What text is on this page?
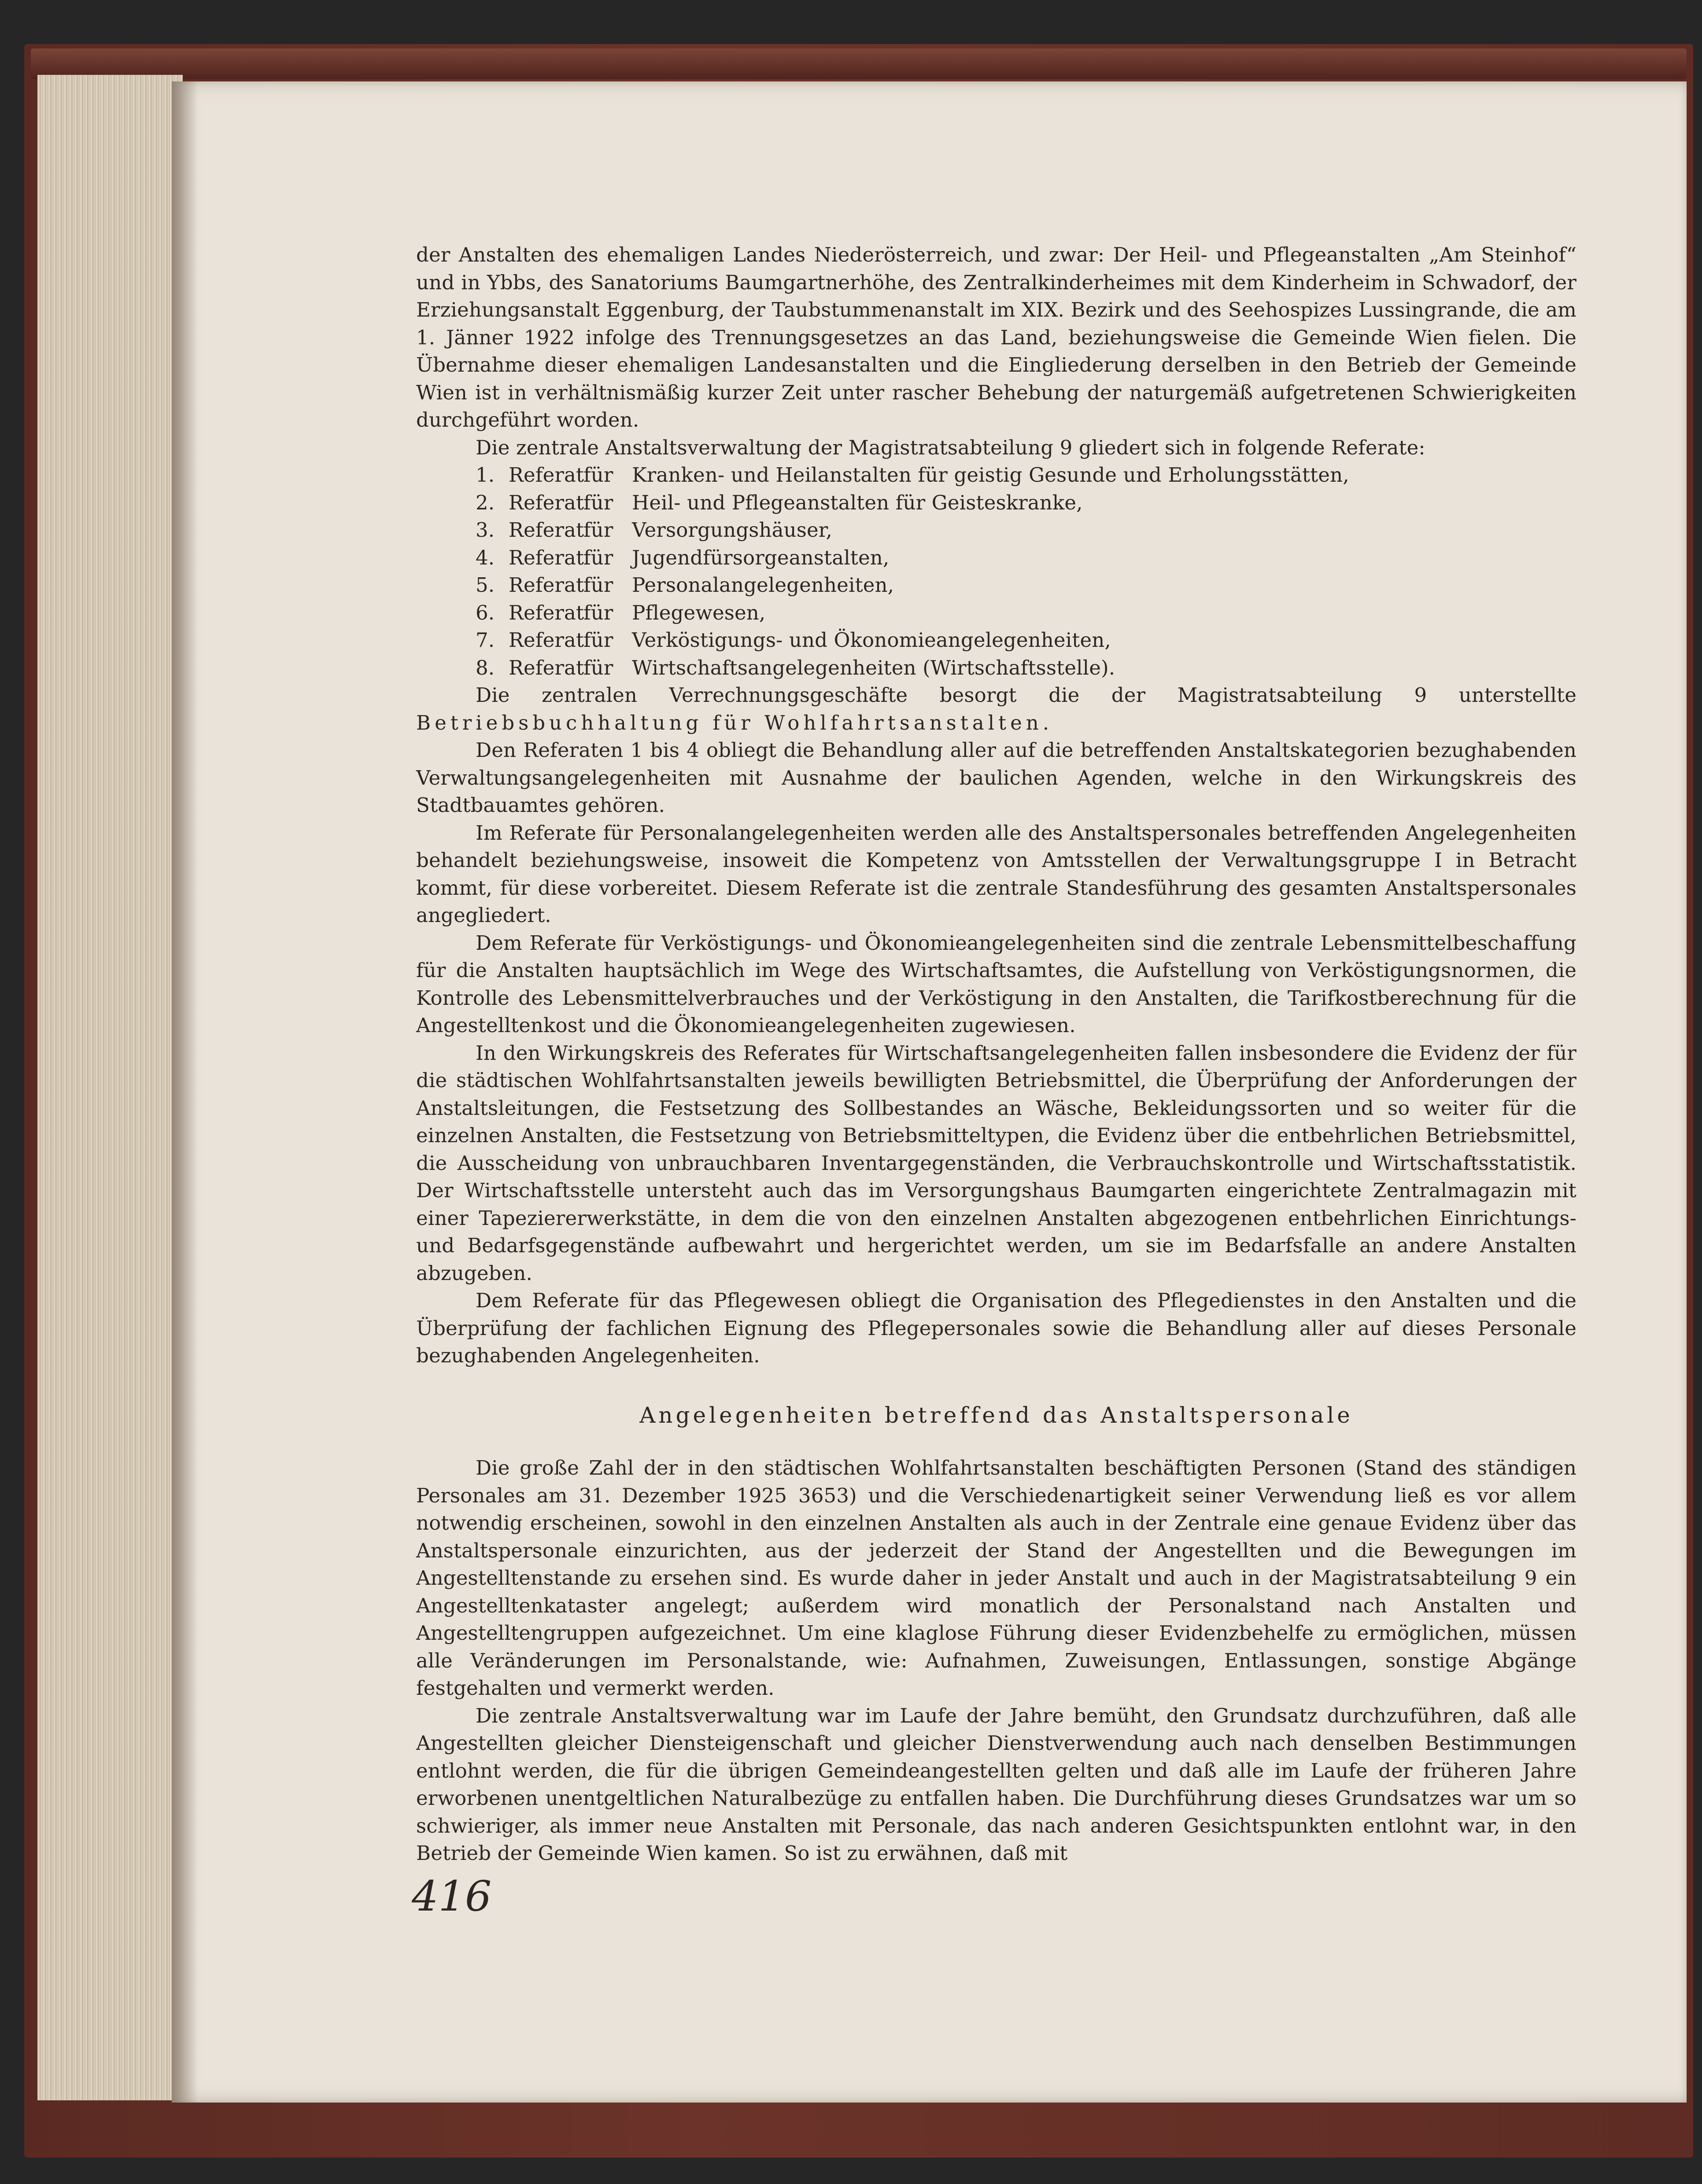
der Anstalten des ehemaligen Landes Niederösterreich, und zwar: Der Heil- und Pflegeanstalten „Am Steinhof“ und in Ybbs, des Sanatoriums Baumgartnerhöhe, des Zentralkinderheimes mit dem Kinderheim in Schwadorf, der Erziehungsanstalt Eggenburg, der Taubstummenanstalt im XIX. Bezirk und des Seehospizes Lussingrande, die am 1. Jänner 1922 infolge des Trennungsgesetzes an das Land, beziehungsweise die Gemeinde Wien fielen. Die Übernahme dieser ehemaligen Landesanstalten und die Eingliederung derselben in den Betrieb der Gemeinde Wien ist in verhältnismäßig kurzer Zeit unter rascher Behebung der naturgemäß aufgetretenen Schwierigkeiten durchgeführt worden.

Die zentrale Anstaltsverwaltung der Magistratsabteilung 9 gliedert sich in folgende Referate:

1. Referat
für Kranken- und Heilanstalten für geistig Gesunde und Erholungsstätten,
2. Referat
für Heil- und Pflegeanstalten für Geisteskranke,
3. Referat
für Versorgungshäuser,
4. Referat
für Jugendfürsorgeanstalten,
5. Referat
für Personalangelegenheiten,
6. Referat
für Pflegewesen,
7. Referat
für Verköstigungs- und Ökonomieangelegenheiten,
8. Referat
für Wirtschaftsangelegenheiten (Wirtschaftsstelle).

Die zentralen Verrechnungsgeschäfte besorgt die der Magistratsabteilung 9 unterstellte Betriebsbuchhaltung für Wohlfahrtsanstalten.

Den Referaten 1 bis 4 obliegt die Behandlung aller auf die betreffenden Anstaltskategorien bezughabenden Verwaltungsangelegenheiten mit Ausnahme der baulichen Agenden, welche in den Wirkungskreis des Stadtbauamtes gehören.

Im Referate für Personalangelegenheiten werden alle des Anstaltspersonales betreffenden Angelegenheiten behandelt beziehungsweise, insoweit die Kompetenz von Amtsstellen der Verwaltungsgruppe I in Betracht kommt, für diese vorbereitet. Diesem Referate ist die zentrale Standesführung des gesamten Anstaltspersonales angegliedert.

Dem Referate für Verköstigungs- und Ökonomieangelegenheiten sind die zentrale Lebensmittelbeschaffung für die Anstalten hauptsächlich im Wege des Wirtschaftsamtes, die Aufstellung von Verköstigungsnormen, die Kontrolle des Lebensmittelverbrauches und der Verköstigung in den Anstalten, die Tarifkostberechnung für die Angestelltenkost und die Ökonomieangelegenheiten zugewiesen.

In den Wirkungskreis des Referates für Wirtschaftsangelegenheiten fallen insbesondere die Evidenz der für die städtischen Wohlfahrtsanstalten jeweils bewilligten Betriebsmittel, die Überprüfung der Anforderungen der Anstaltsleitungen, die Festsetzung des Sollbestandes an Wäsche, Bekleidungssorten und so weiter für die einzelnen Anstalten, die Festsetzung von Betriebsmitteltypen, die Evidenz über die entbehrlichen Betriebsmittel, die Ausscheidung von unbrauchbaren Inventargegenständen, die Verbrauchskontrolle und Wirtschaftsstatistik. Der Wirtschaftsstelle untersteht auch das im Versorgungshaus Baumgarten eingerichtete Zentralmagazin mit einer Tapeziererwerkstätte, in dem die von den einzelnen Anstalten abgezogenen entbehrlichen Einrichtungs- und Bedarfsgegenstände aufbewahrt und hergerichtet werden, um sie im Bedarfsfalle an andere Anstalten abzugeben.

Dem Referate für das Pflegewesen obliegt die Organisation des Pflegedienstes in den Anstalten und die Überprüfung der fachlichen Eignung des Pflegepersonales sowie die Behandlung aller auf dieses Personale bezughabenden Angelegenheiten.

Angelegenheiten betreffend das Anstaltspersonale

Die große Zahl der in den städtischen Wohlfahrtsanstalten beschäftigten Personen (Stand des ständigen Personales am 31. Dezember 1925 3653) und die Verschiedenartigkeit seiner Verwendung ließ es vor allem notwendig erscheinen, sowohl in den einzelnen Anstalten als auch in der Zentrale eine genaue Evidenz über das Anstaltspersonale einzurichten, aus der jederzeit der Stand der Angestellten und die Bewegungen im Angestelltenstande zu ersehen sind. Es wurde daher in jeder Anstalt und auch in der Magistratsabteilung 9 ein Angestelltenkataster angelegt; außerdem wird monatlich der Personalstand nach Anstalten und Angestelltengruppen aufgezeichnet. Um eine klaglose Führung dieser Evidenzbehelfe zu ermöglichen, müssen alle Veränderungen im Personalstande, wie: Aufnahmen, Zuweisungen, Entlassungen, sonstige Abgänge festgehalten und vermerkt werden.

Die zentrale Anstaltsverwaltung war im Laufe der Jahre bemüht, den Grundsatz durchzuführen, daß alle Angestellten gleicher Diensteigenschaft und gleicher Dienstverwendung auch nach denselben Bestimmungen entlohnt werden, die für die übrigen Gemeindeangestellten gelten und daß alle im Laufe der früheren Jahre erworbenen unentgeltlichen Naturalbezüge zu entfallen haben. Die Durchführung dieses Grundsatzes war um so schwieriger, als immer neue Anstalten mit Personale, das nach anderen Gesichtspunkten entlohnt war, in den Betrieb der Gemeinde Wien kamen. So ist zu erwähnen, daß mit

416
